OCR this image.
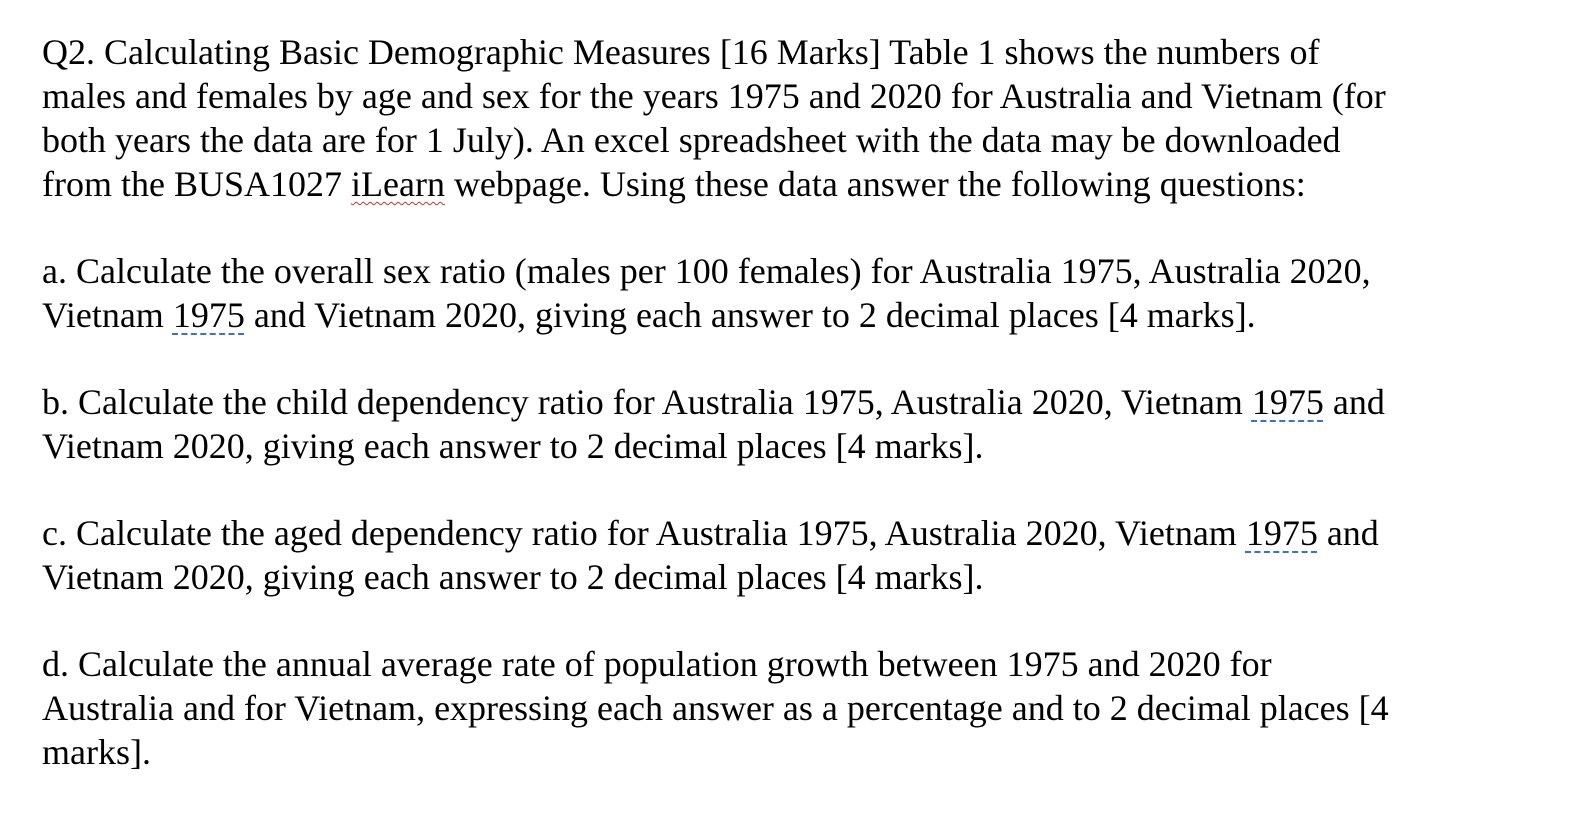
Q2. Calculating Basic Demographic Measures [16 Marks] Table 1 shows the numbers of
males and females by age and sex for the years 1975 and 2020 for Australia and Vietnam (for
both years the data are for 1 July). An excel spreadsheet with the data may be downloaded
from the BUSA1027 iLearn webpage. Using these data answer the following questions:

a. Calculate the overall sex ratio (males per 100 females) for Australia 1975, Australia 2020,
Vietnam 1975 and Vietnam 2020, giving each answer to 2 decimal places [4 marks].

b. Calculate the child dependency ratio for Australia 1975, Australia 2020, Vietnam 1975 and
Vietnam 2020, giving each answer to 2 decimal places [4 marks].

c. Calculate the aged dependency ratio for Australia 1975, Australia 2020, Vietnam 1975 and
Vietnam 2020, giving each answer to 2 decimal places [4 marks].

d. Calculate the annual average rate of population growth between 1975 and 2020 for
Australia and for Vietnam, expressing each answer as a percentage and to 2 decimal places [4
marks].
